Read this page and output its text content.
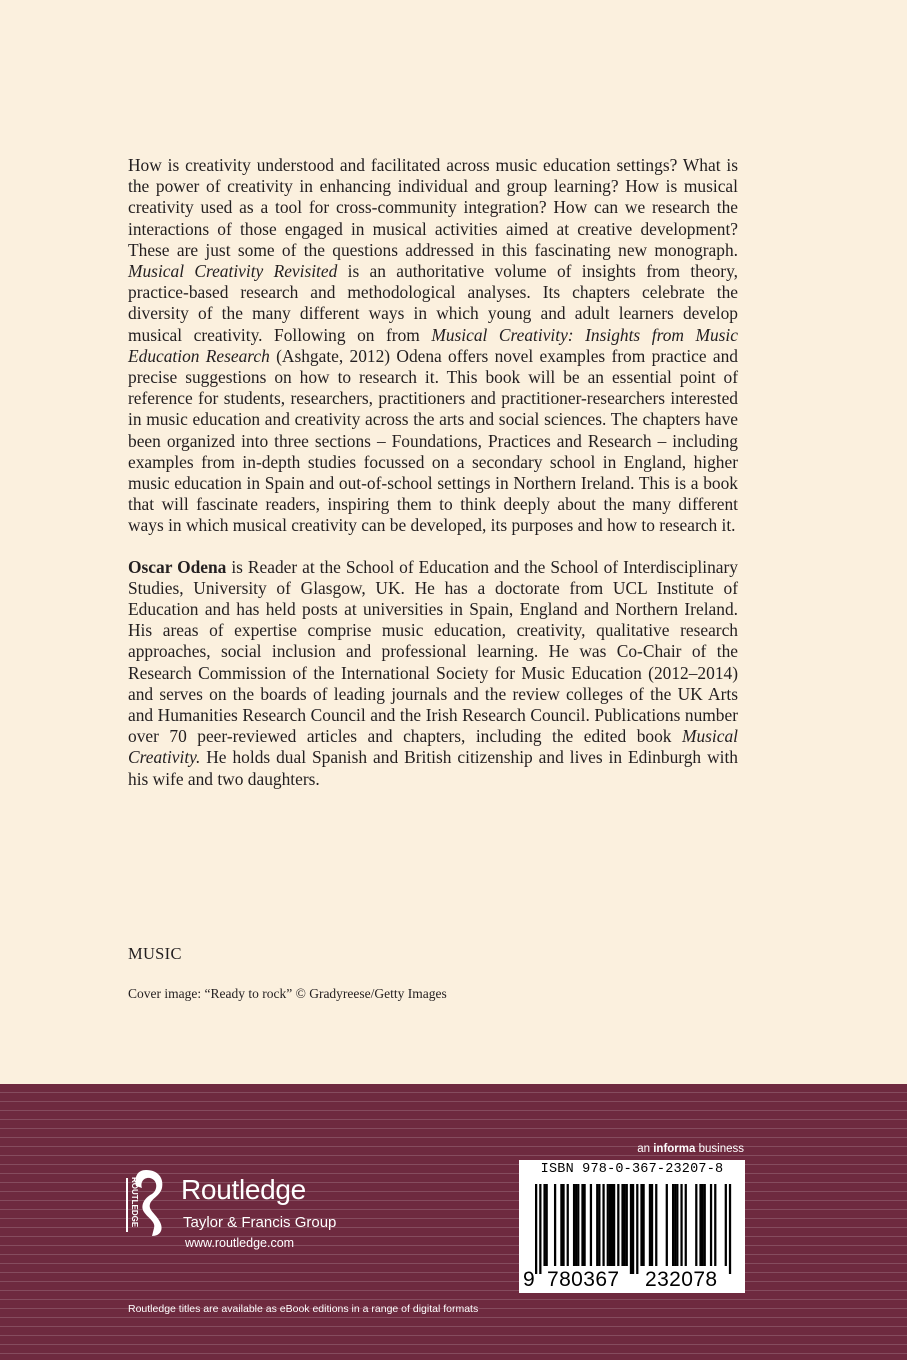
How is creativity understood and facilitated across music education settings? What is the power of creativity in enhancing individual and group learning? How is musical creativity used as a tool for cross-community integration? How can we research the interactions of those engaged in musical activities aimed at creative development? These are just some of the questions addressed in this fascinating new monograph. Musical Creativity Revisited is an authoritative volume of insights from theory, practice-based research and methodological analyses. Its chapters celebrate the diversity of the many different ways in which young and adult learners develop musical creativity. Following on from Musical Creativity: Insights from Music Education Research (Ashgate, 2012) Odena offers novel examples from practice and precise suggestions on how to research it. This book will be an essential point of reference for students, researchers, practitioners and practitioner-researchers interested in music education and creativity across the arts and social sciences. The chapters have been organized into three sections – Foundations, Practices and Research – including examples from in-depth studies focussed on a secondary school in England, higher music education in Spain and out-of-school settings in Northern Ireland. This is a book that will fascinate readers, inspiring them to think deeply about the many different ways in which musical creativity can be developed, its purposes and how to research it.

Oscar Odena is Reader at the School of Education and the School of Interdisciplinary Studies, University of Glasgow, UK. He has a doctorate from UCL Institute of Education and has held posts at universities in Spain, England and Northern Ireland. His areas of expertise comprise music education, creativity, qualitative research approaches, social inclusion and professional learning. He was Co-Chair of the Research Commission of the International Society for Music Education (2012–2014) and serves on the boards of leading journals and the review colleges of the UK Arts and Humanities Research Council and the Irish Research Council. Publications number over 70 peer-reviewed articles and chapters, including the edited book Musical Creativity. He holds dual Spanish and British citizenship and lives in Edinburgh with his wife and two daughters.

MUSIC
Cover image: “Ready to rock” © Gradyreese/Getty Images
an informa business
ROUTLEDGE Routledge
Taylor & Francis Group
www.routledge.com
Routledge titles are available as eBook editions in a range of digital formats
ISBN 978-0-367-23207-8
9 780367 232078
